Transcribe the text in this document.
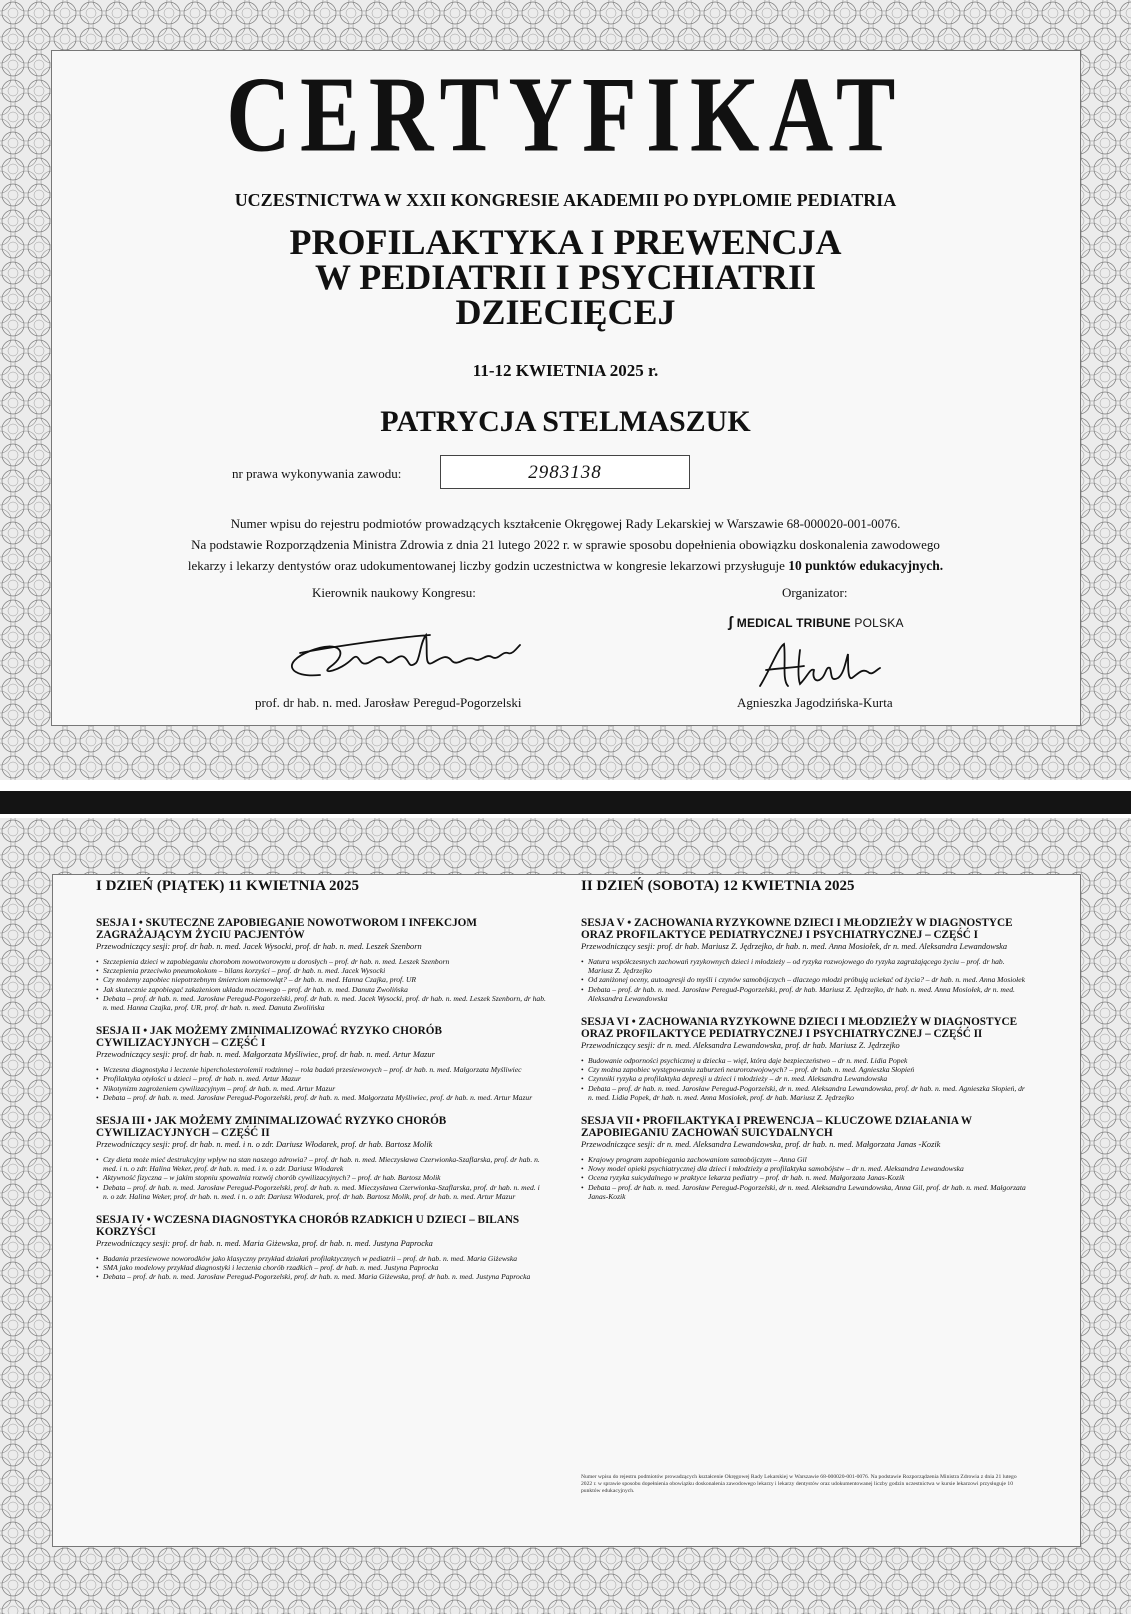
CERTYFIKAT
UCZESTNICTWA W XXII KONGRESIE AKADEMII PO DYPLOMIE PEDIATRIA
PROFILAKTYKA I PREWENCJA
W PEDIATRII I PSYCHIATRII
DZIECIĘCEJ
11-12 KWIETNIA 2025 r.
PATRYCJA STELMASZUK
nr prawa wykonywania zawodu:	2983138
Numer wpisu do rejestru podmiotów prowadzących kształcenie Okręgowej Rady Lekarskiej w Warszawie 68-000020-001-0076.
Na podstawie Rozporządzenia Ministra Zdrowia z dnia 21 lutego 2022 r. w sprawie sposobu dopełnienia obowiązku doskonalenia zawodowego
lekarzy i lekarzy dentystów oraz udokumentowanej liczby godzin uczestnictwa w kongresie lekarzowi przysługuje 10 punktów edukacyjnych.
Kierownik naukowy Kongresu:	Organizator:
ʃ MEDICAL TRIBUNE POLSKA
prof. dr hab. n. med. Jarosław Peregud-Pogorzelski	Agnieszka Jagodzińska-Kurta
I DZIEŃ (PIĄTEK) 11 KWIETNIA 2025
SESJA I • SKUTECZNE ZAPOBIEGANIE NOWOTWOROM I INFEKCJOM ZAGRAŻAJĄCYM ŻYCIU PACJENTÓW
Przewodniczący sesji: prof. dr hab. n. med. Jacek Wysocki, prof. dr hab. n. med. Leszek Szenborn
• Szczepienia dzieci w zapobieganiu chorobom nowotworowym u dorosłych – prof. dr hab. n. med. Leszek Szenborn
• Szczepienia przeciwko pneumokokom – bilans korzyści – prof. dr hab. n. med. Jacek Wysocki
• Czy możemy zapobiec niepotrzebnym śmierciom niemowląt? – dr hab. n. med. Hanna Czajka, prof. UR
• Jak skutecznie zapobiegać zakażeniom układu moczowego – prof. dr hab. n. med. Danuta Zwolińska
• Debata – prof. dr hab. n. med. Jarosław Peregud-Pogorzelski, prof. dr hab. n. med. Jacek Wysocki, prof. dr hab. n. med. Leszek Szenborn, dr hab. n. med. Hanna Czajka, prof. UR, prof. dr hab. n. med. Danuta Zwolińska
SESJA II • JAK MOŻEMY ZMINIMALIZOWAĆ RYZYKO CHORÓB CYWILIZACYJNYCH – CZĘŚĆ I
Przewodniczący sesji: prof. dr hab. n. med. Małgorzata Myśliwiec, prof. dr hab. n. med. Artur Mazur
• Wczesna diagnostyka i leczenie hipercholesterolemii rodzinnej – rola badań przesiewowych – prof. dr hab. n. med. Małgorzata Myśliwiec
• Profilaktyka otyłości u dzieci – prof. dr hab. n. med. Artur Mazur
• Nikotynizm zagrożeniem cywilizacyjnym – prof. dr hab. n. med. Artur Mazur
• Debata – prof. dr hab. n. med. Jarosław Peregud-Pogorzelski, prof. dr hab. n. med. Małgorzata Myśliwiec, prof. dr hab. n. med. Artur Mazur
SESJA III • JAK MOŻEMY ZMINIMALIZOWAĆ RYZYKO CHORÓB CYWILIZACYJNYCH – CZĘŚĆ II
Przewodniczący sesji: prof. dr hab. n. med. i n. o zdr. Dariusz Włodarek, prof. dr hab. Bartosz Molik
• Czy dieta może mieć destrukcyjny wpływ na stan naszego zdrowia? – prof. dr hab. n. med. Mieczysława Czerwionka-Szaflarska, prof. dr hab. n. med. i n. o zdr. Halina Weker, prof. dr hab. n. med. i n. o zdr. Dariusz Włodarek
• Aktywność fizyczna – w jakim stopniu spowalnia rozwój chorób cywilizacyjnych? – prof. dr hab. Bartosz Molik
• Debata – prof. dr hab. n. med. Jarosław Peregud-Pogorzelski, prof. dr hab. n. med. Mieczysława Czerwionka-Szaflarska, prof. dr hab. n. med. i n. o zdr. Halina Weker, prof. dr hab. n. med. i n. o zdr. Dariusz Włodarek, prof. dr hab. Bartosz Molik, prof. dr hab. n. med. Artur Mazur
SESJA IV • WCZESNA DIAGNOSTYKA CHORÓB RZADKICH U DZIECI – BILANS KORZYŚCI
Przewodniczący sesji: prof. dr hab. n. med. Maria Giżewska, prof. dr hab. n. med. Justyna Paprocka
• Badania przesiewowe noworodków jako klasyczny przykład działań profilaktycznych w pediatrii – prof. dr hab. n. med. Maria Giżewska
• SMA jako modelowy przykład diagnostyki i leczenia chorób rzadkich – prof. dr hab. n. med. Justyna Paprocka
• Debata – prof. dr hab. n. med. Jarosław Peregud-Pogorzelski, prof. dr hab. n. med. Maria Giżewska, prof. dr hab. n. med. Justyna Paprocka
II DZIEŃ (SOBOTA) 12 KWIETNIA 2025
SESJA V • ZACHOWANIA RYZYKOWNE DZIECI I MŁODZIEŻY W DIAGNOSTYCE ORAZ PROFILAKTYCE PEDIATRYCZNEJ I PSYCHIATRYCZNEJ – CZĘŚĆ I
Przewodniczący sesji: prof. dr hab. Mariusz Z. Jędrzejko, dr hab. n. med. Anna Mosiołek, dr n. med. Aleksandra Lewandowska
• Natura współczesnych zachowań ryzykownych dzieci i młodzieży – od ryzyka rozwojowego do ryzyka zagrażającego życiu – prof. dr hab. Mariusz Z. Jędrzejko
• Od zaniżonej oceny, autoagresji do myśli i czynów samobójczych – dlaczego młodzi próbują uciekać od życia? – dr hab. n. med. Anna Mosiołek
• Debata – prof. dr hab. n. med. Jarosław Peregud-Pogorzelski, prof. dr hab. Mariusz Z. Jędrzejko, dr hab. n. med. Anna Mosiołek, dr n. med. Aleksandra Lewandowska
SESJA VI • ZACHOWANIA RYZYKOWNE DZIECI I MŁODZIEŻY W DIAGNOSTYCE ORAZ PROFILAKTYCE PEDIATRYCZNEJ I PSYCHIATRYCZNEJ – CZĘŚĆ II
Przewodniczący sesji: dr n. med. Aleksandra Lewandowska, prof. dr hab. Mariusz Z. Jędrzejko
• Budowanie odporności psychicznej u dziecka – więź, która daje bezpieczeństwo – dr n. med. Lidia Popek
• Czy można zapobiec występowaniu zaburzeń neurorozwojowych? – prof. dr hab. n. med. Agnieszka Słopień
• Czynniki ryzyka a profilaktyka depresji u dzieci i młodzieży – dr n. med. Aleksandra Lewandowska
• Debata – prof. dr hab. n. med. Jarosław Peregud-Pogorzelski, dr n. med. Aleksandra Lewandowska, prof. dr hab. n. med. Agnieszka Słopień, dr n. med. Lidia Popek, dr hab. n. med. Anna Mosiołek, prof. dr hab. Mariusz Z. Jędrzejko
SESJA VII • PROFILAKTYKA I PREWENCJA – KLUCZOWE DZIAŁANIA W ZAPOBIEGANIU ZACHOWAŃ SUICYDALNYCH
Przewodniczące sesji: dr n. med. Aleksandra Lewandowska, prof. dr hab. n. med. Małgorzata Janas -Kozik
• Krajowy program zapobiegania zachowaniom samobójczym – Anna Gil
• Nowy model opieki psychiatrycznej dla dzieci i młodzieży a profilaktyka samobójstw – dr n. med. Aleksandra Lewandowska
• Ocena ryzyka suicydalnego w praktyce lekarza pediatry – prof. dr hab. n. med. Małgorzata Janas-Kozik
• Debata – prof. dr hab. n. med. Jarosław Peregud-Pogorzelski, dr n. med. Aleksandra Lewandowska, Anna Gil, prof. dr hab. n. med. Małgorzata Janas-Kozik
Numer wpisu do rejestru podmiotów prowadzących kształcenie Okręgowej Rady Lekarskiej w Warszawie 68-000020-001-0076. Na podstawie Rozporządzenia Ministra Zdrowia z dnia 21 lutego 2022 r. w sprawie sposobu dopełnienia obowiązku doskonalenia zawodowego lekarzy i lekarzy dentystów oraz udokumentowanej liczby godzin uczestnictwa w kursie lekarzowi przysługuje 10 punktów edukacyjnych.
